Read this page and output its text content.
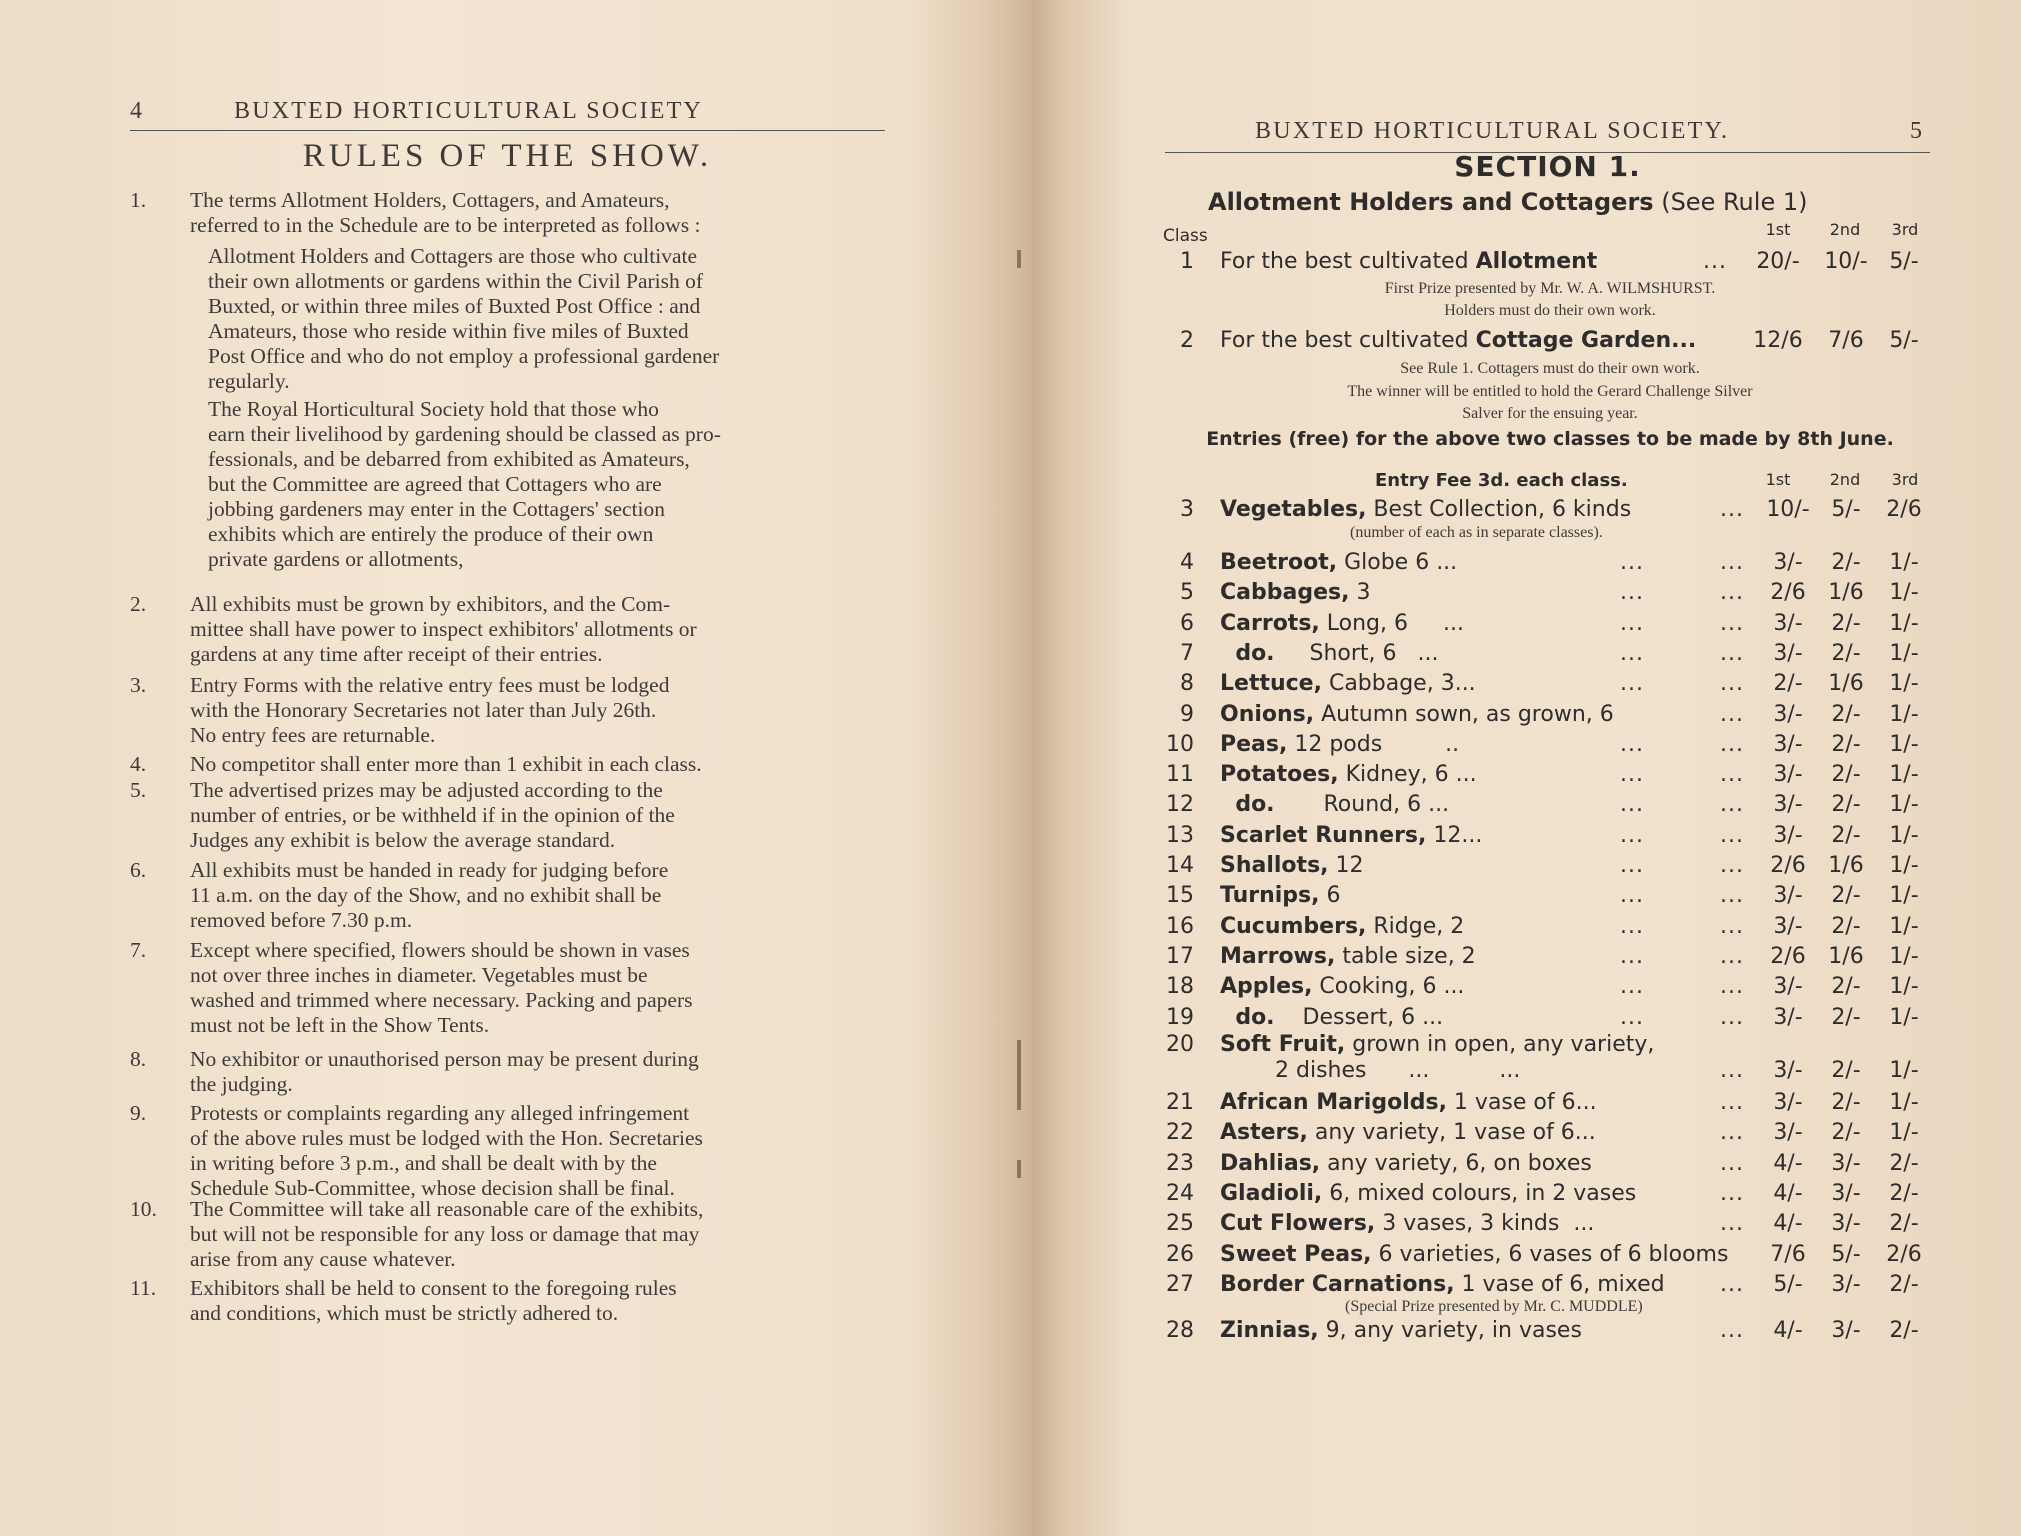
4	BUXTED HORTICULTURAL SOCIETY
RULES OF THE SHOW.
1. The terms Allotment Holders, Cottagers, and Amateurs,
referred to in the Schedule are to be interpreted as follows :
2. All exhibits must be grown by exhibitors, and the Com-
mittee shall have power to inspect exhibitors' allotments or
gardens at any time after receipt of their entries.
3. Entry Forms with the relative entry fees must be lodged
with the Honorary Secretaries not later than July 26th.
No entry fees are returnable.
4. No competitor shall enter more than 1 exhibit in each class.
5. The advertised prizes may be adjusted according to the
number of entries, or be withheld if in the opinion of the
Judges any exhibit is below the average standard.
6. All exhibits must be handed in ready for judging before
11 a.m. on the day of the Show, and no exhibit shall be
removed before 7.30 p.m.
7. Except where specified, flowers should be shown in vases
not over three inches in diameter. Vegetables must be
washed and trimmed where necessary. Packing and papers
must not be left in the Show Tents.
8. No exhibitor or unauthorised person may be present during
the judging.
9. Protests or complaints regarding any alleged infringement
of the above rules must be lodged with the Hon. Secretaries
in writing before 3 p.m., and shall be dealt with by the
Schedule Sub-Committee, whose decision shall be final.
10. The Committee will take all reasonable care of the exhibits,
but will not be responsible for any loss or damage that may
arise from any cause whatever.
11. Exhibitors shall be held to consent to the foregoing rules
and conditions, which must be strictly adhered to.
Allotment Holders and Cottagers are those who cultivate
their own allotments or gardens within the Civil Parish of
Buxted, or within three miles of Buxted Post Office : and
Amateurs, those who reside within five miles of Buxted
Post Office and who do not employ a professional gardener
regularly.
The Royal Horticultural Society hold that those who
earn their livelihood by gardening should be classed as pro-
fessionals, and be debarred from exhibited as Amateurs,
but the Committee are agreed that Cottagers who are
jobbing gardeners may enter in the Cottagers' section
exhibits which are entirely the produce of their own
private gardens or allotments,
BUXTED HORTICULTURAL SOCIETY.	5
SECTION 1.
Allotment Holders and Cottagers (See Rule 1)
Class	1st	2nd	3rd
1 For the best cultivated Allotment	... 20/- 10/- 5/-
First Prize presented by Mr. W. A. WILMSHURST.
Holders must do their own work.
2 For the best cultivated Cottage Garden...	12/6	7/6	5/-
See Rule 1. Cottagers must do their own work.
The winner will be entitled to hold the Gerard Challenge Silver
Salver for the ensuing year.
Entries (free) for the above two classes to be made by 8th June.
Entry Fee 3d. each class.	1st	2nd	3rd
3 Vegetables, Best Collection, 6 kinds	... 10/- 5/-	2/6
(number of each as in separate classes).
4 Beetroot, Globe 6 ...	...	...	3/-	2/-	1/-
5 Cabbages, 3	...	...	2/6	1/6	1/-
6 Carrots, Long, 6     ...	...	...	3/-	2/-	1/-
7 do.     Short, 6   ...	...	...	3/-	2/-	1/-
8 Lettuce, Cabbage, 3...	...	...	2/-	1/6	1/-
9 Onions, Autumn sown, as grown, 6	...	3/-	2/-	1/-
10 Peas, 12 pods         ..	...	...	3/-	2/-	1/-
11 Potatoes, Kidney, 6 ...	...	...	3/-	2/-	1/-
12 do.       Round, 6 ...	...	...	3/-	2/-	1/-
13 Scarlet Runners, 12...	...	...	3/-	2/-	1/-
14 Shallots, 12	...	...	2/6	1/6	1/-
15 Turnips, 6	...	...	3/-	2/-	1/-
16 Cucumbers, Ridge, 2	...	...	3/-	2/-	1/-
17 Marrows, table size, 2	...	...	2/6	1/6	1/-
18 Apples, Cooking, 6 ...	...	...	3/-	2/-	1/-
19 do.    Dessert, 6 ...	...	...	3/-	2/-	1/-
20 Soft Fruit, grown in open, any variety,
2 dishes      ...          ...	...	3/-	2/-	1/-
21 African Marigolds, 1 vase of 6...	...	3/-	2/-	1/-
22 Asters, any variety, 1 vase of 6...	...	3/-	2/-	1/-
23 Dahlias, any variety, 6, on boxes	...	4/-	3/-	2/-
24 Gladioli, 6, mixed colours, in 2 vases	...	4/-	3/-	2/-
25 Cut Flowers, 3 vases, 3 kinds  ...	...	4/-	3/-	2/-
26 Sweet Peas, 6 varieties, 6 vases of 6 blooms	7/6	5/-	2/6
27 Border Carnations, 1 vase of 6, mixed	...	5/-	3/-	2/-
(Special Prize presented by Mr. C. MUDDLE)
28 Zinnias, 9, any variety, in vases	...	4/-	3/-	2/-
